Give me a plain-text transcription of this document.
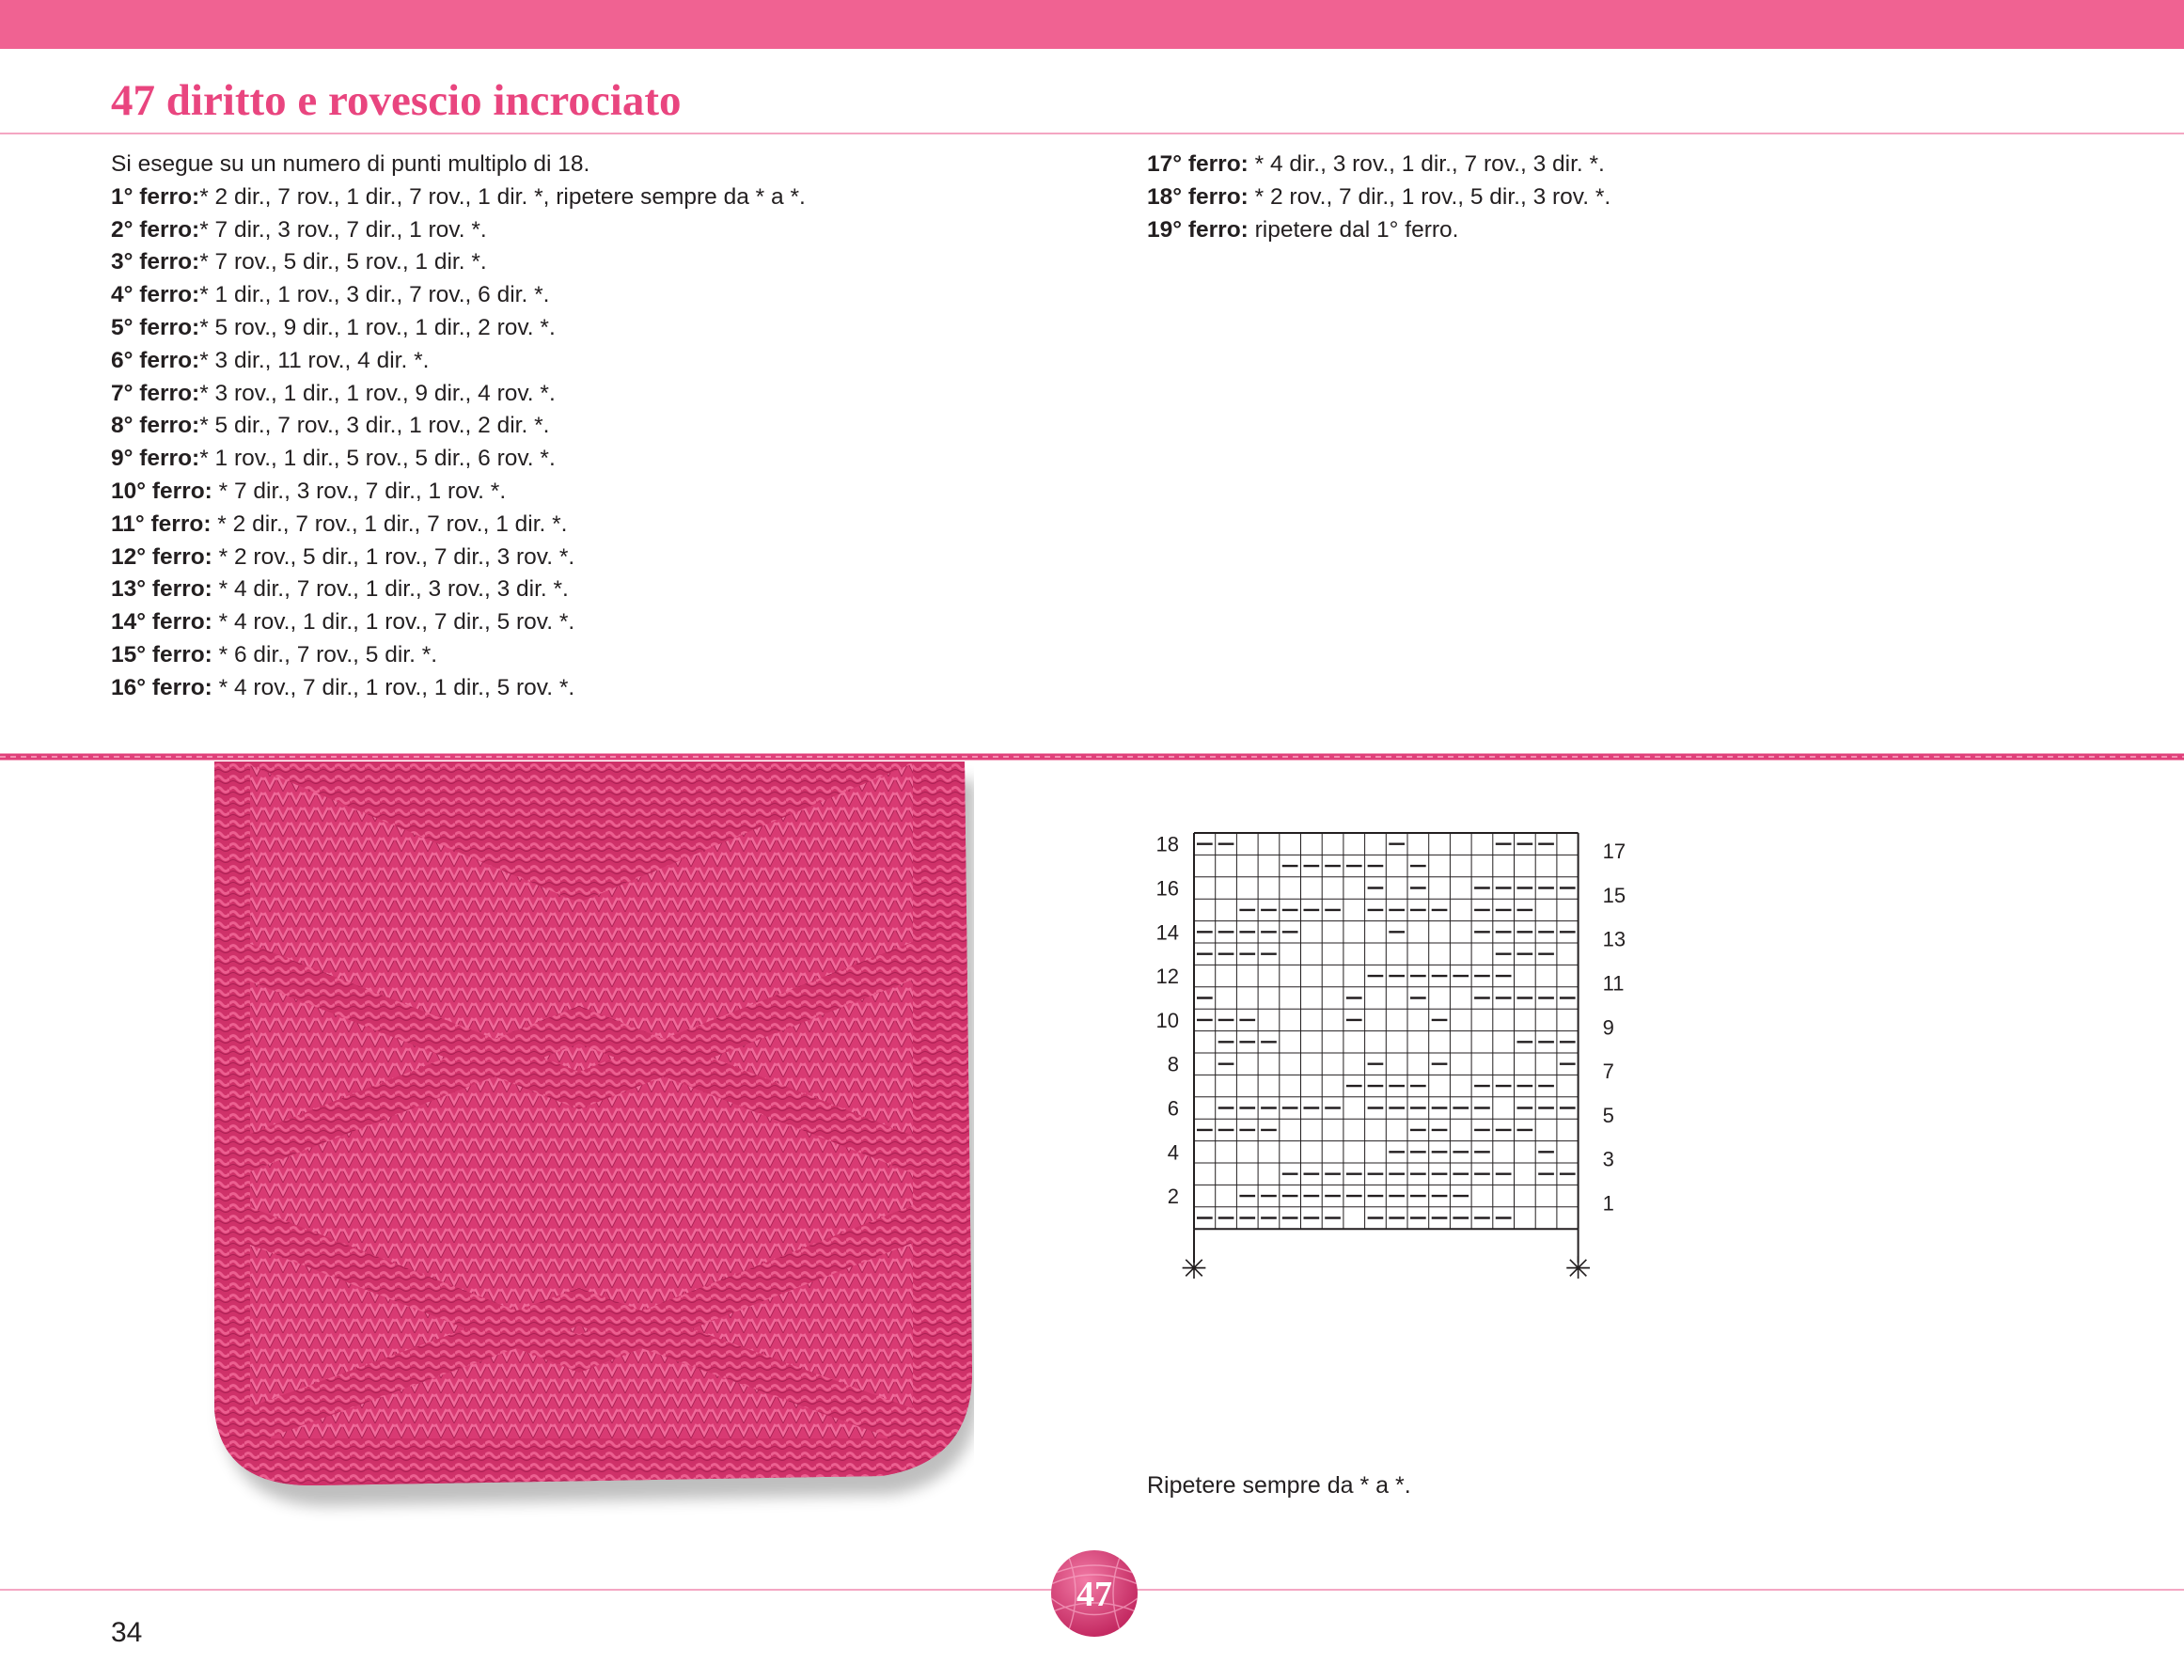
47 diritto e rovescio incrociato
Si esegue su un numero di punti multiplo di 18.
1° ferro:* 2 dir., 7 rov., 1 dir., 7 rov., 1 dir. *, ripetere sempre da * a *.
2° ferro:* 7 dir., 3 rov., 7 dir., 1 rov. *.
3° ferro:* 7 rov., 5 dir., 5 rov., 1 dir. *.
4° ferro:* 1 dir., 1 rov., 3 dir., 7 rov., 6 dir. *.
5° ferro:* 5 rov., 9 dir., 1 rov., 1 dir., 2 rov. *.
6° ferro:* 3 dir., 11 rov., 4 dir. *.
7° ferro:* 3 rov., 1 dir., 1 rov., 9 dir., 4 rov. *.
8° ferro:* 5 dir., 7 rov., 3 dir., 1 rov., 2 dir. *.
9° ferro:* 1 rov., 1 dir., 5 rov., 5 dir., 6 rov. *.
10° ferro: * 7 dir., 3 rov., 7 dir., 1 rov. *.
11° ferro: * 2 dir., 7 rov., 1 dir., 7 rov., 1 dir. *.
12° ferro: * 2 rov., 5 dir., 1 rov., 7 dir., 3 rov. *.
13° ferro: * 4 dir., 7 rov., 1 dir., 3 rov., 3 dir. *.
14° ferro: * 4 rov., 1 dir., 1 rov., 7 dir., 5 rov. *.
15° ferro: * 6 dir., 7 rov., 5 dir. *.
16° ferro: * 4 rov., 7 dir., 1 rov., 1 dir., 5 rov. *.
17° ferro: * 4 dir., 3 rov., 1 dir., 7 rov., 3 dir. *.
18° ferro: * 2 rov., 7 dir., 1 rov., 5 dir., 3 rov. *.
19° ferro: ripetere dal 1° ferro.
18
16
14
12
10
8
6
4
2
17
15
13
11
9
7
5
3
1
✳	✳
Ripetere sempre da * a *.
47
34
